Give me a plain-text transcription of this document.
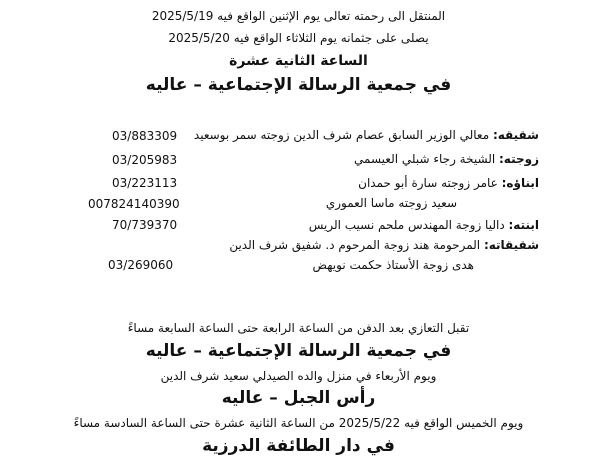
المنتقل الى رحمته تعالى يوم الإثنين الواقع فيه 2025/5/19
يصلى على جثمانه يوم الثلاثاء الواقع فيه 2025/5/20
الساعة الثانية عشرة
في جمعية الرسالة الإجتماعية – عاليه
شقيقه: معالي الوزير السابق عصام شرف الدين زوجته سمر بوسعيد
03/883309
زوجته: الشيخة رجاء شبلي العيسمي
03/205983
ابناؤه: عامر زوجته سارة أبو حمدان
03/223113
سعيد زوجته ماسا العموري
007824140390
ابنته: داليا زوجة المهندس ملحم نسيب الريس
70/739370
شقيقاته: المرحومة هند زوجة المرحوم د. شفيق شرف الدين
هدى زوجة الأستاذ حكمت نويهض
03/269060
تقبل التعازي بعد الدفن من الساعة الرابعة حتى الساعة السابعة مساءً
في جمعية الرسالة الإجتماعية – عاليه
ويوم الأربعاء في منزل والده الصيدلي سعيد شرف الدين
رأس الجبل – عاليه
ويوم الخميس الواقع فيه 2025/5/22 من الساعة الثانية عشرة حتى الساعة السادسة مساءً
في دار الطائفة الدرزية
